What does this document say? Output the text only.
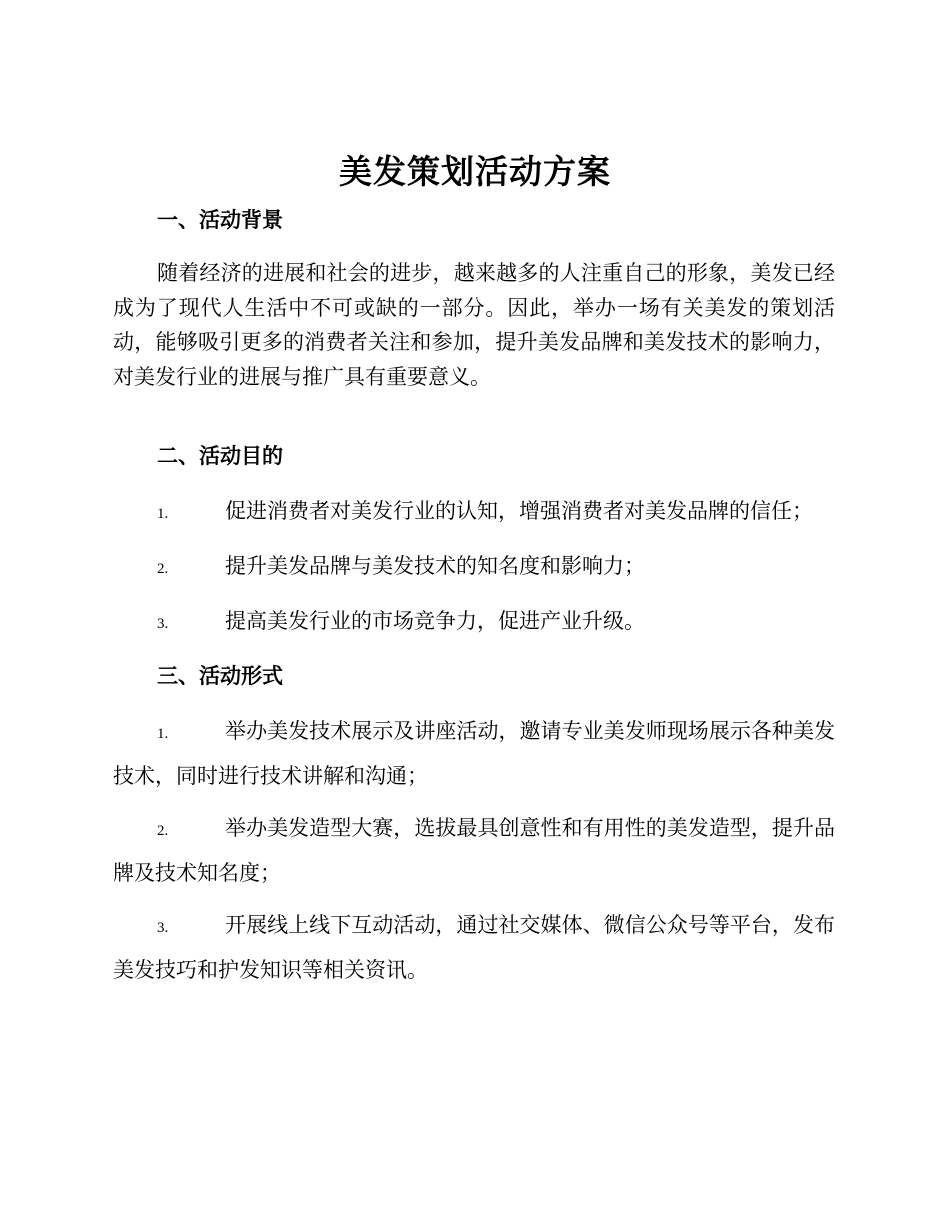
美发策划活动方案
一、活动背景
随着经济的进展和社会的进步，越来越多的人注重自己的形象，美发已经成为了现代人生活中不可或缺的一部分。因此，举办一场有关美发的策划活动，能够吸引更多的消费者关注和参加，提升美发品牌和美发技术的影响力，对美发行业的进展与推广具有重要意义。
二、活动目的
1.	促进消费者对美发行业的认知，增强消费者对美发品牌的信任；
2.	提升美发品牌与美发技术的知名度和影响力；
3.	提高美发行业的市场竞争力，促进产业升级。
三、活动形式
1.	举办美发技术展示及讲座活动，邀请专业美发师现场展示各种美发技术，同时进行技术讲解和沟通；
2.	举办美发造型大赛，选拔最具创意性和有用性的美发造型，提升品牌及技术知名度；
3.	开展线上线下互动活动，通过社交媒体、微信公众号等平台，发布美发技巧和护发知识等相关资讯。
